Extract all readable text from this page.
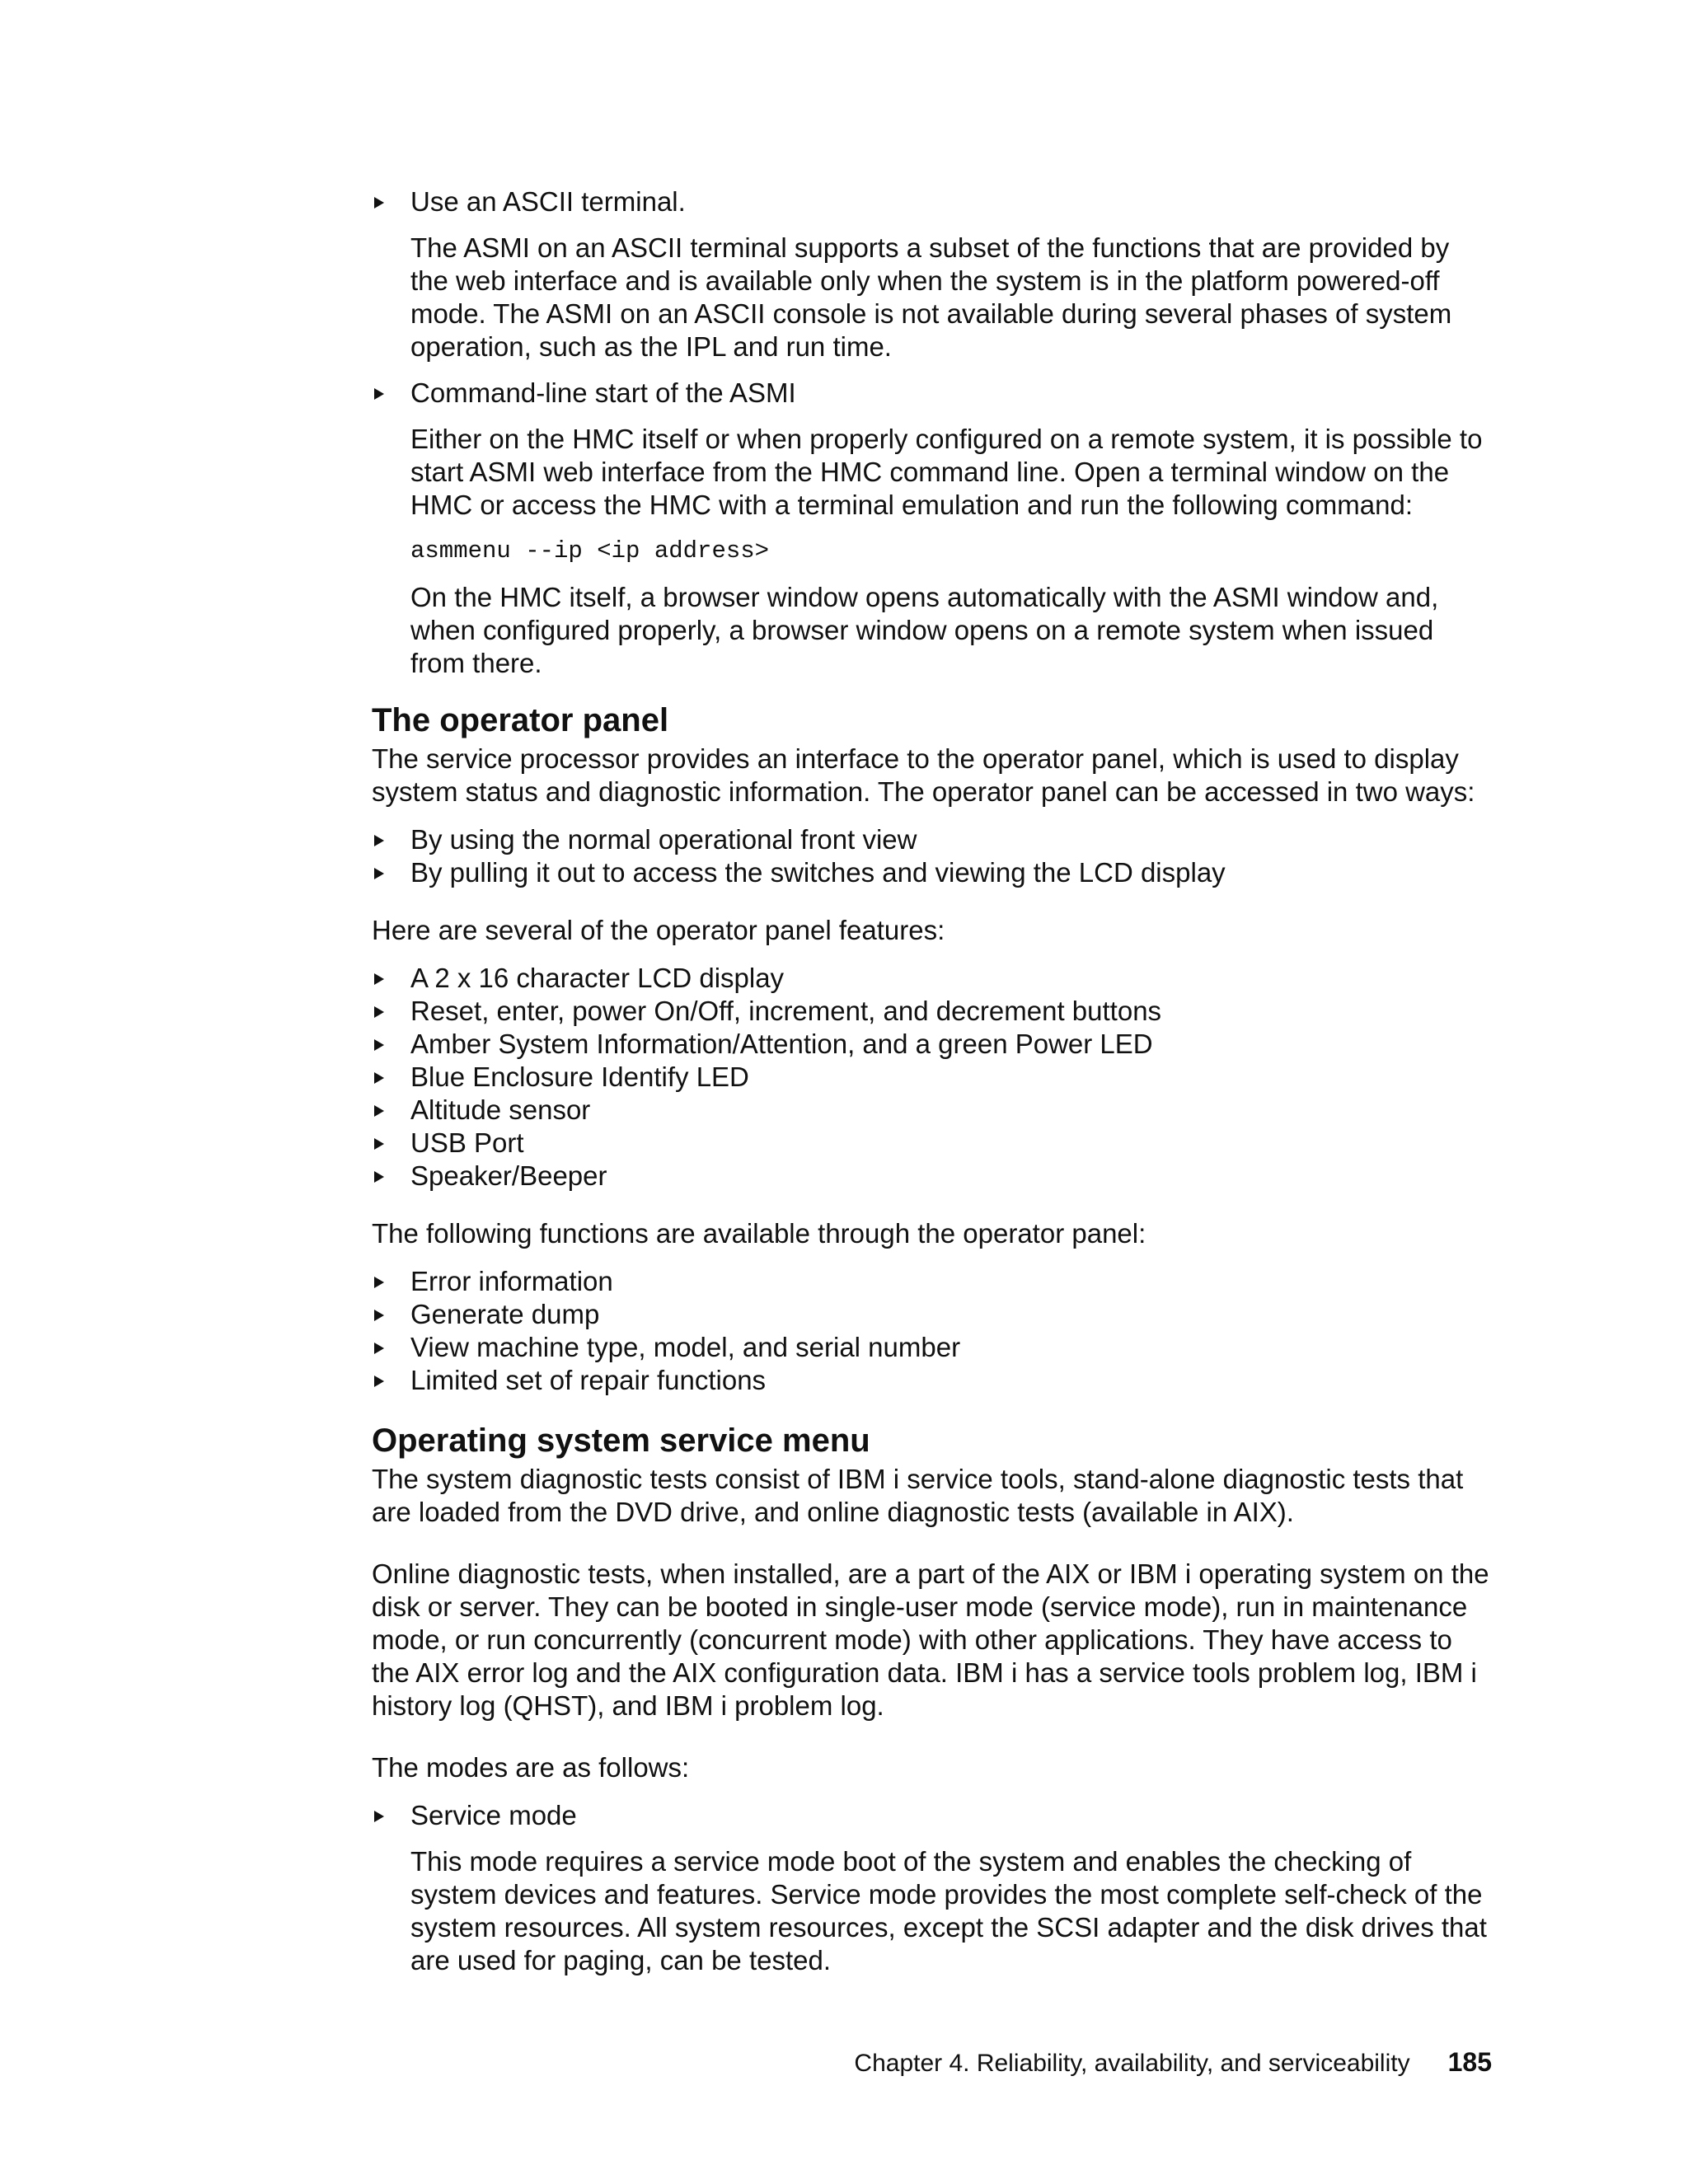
Use an ASCII terminal.

The ASMI on an ASCII terminal supports a subset of the functions that are provided by the web interface and is available only when the system is in the platform powered-off mode. The ASMI on an ASCII console is not available during several phases of system operation, such as the IPL and run time.

Command-line start of the ASMI

Either on the HMC itself or when properly configured on a remote system, it is possible to start ASMI web interface from the HMC command line. Open a terminal window on the HMC or access the HMC with a terminal emulation and run the following command:

asmmenu --ip <ip address>

On the HMC itself, a browser window opens automatically with the ASMI window and, when configured properly, a browser window opens on a remote system when issued from there.

The operator panel

The service processor provides an interface to the operator panel, which is used to display system status and diagnostic information. The operator panel can be accessed in two ways:

By using the normal operational front view
By pulling it out to access the switches and viewing the LCD display

Here are several of the operator panel features:

A 2 x 16 character LCD display
Reset, enter, power On/Off, increment, and decrement buttons
Amber System Information/Attention, and a green Power LED
Blue Enclosure Identify LED
Altitude sensor
USB Port
Speaker/Beeper

The following functions are available through the operator panel:

Error information
Generate dump
View machine type, model, and serial number
Limited set of repair functions
Operating system service menu

The system diagnostic tests consist of IBM i service tools, stand-alone diagnostic tests that are loaded from the DVD drive, and online diagnostic tests (available in AIX).

Online diagnostic tests, when installed, are a part of the AIX or IBM i operating system on the disk or server. They can be booted in single-user mode (service mode), run in maintenance mode, or run concurrently (concurrent mode) with other applications. They have access to the AIX error log and the AIX configuration data. IBM i has a service tools problem log, IBM i history log (QHST), and IBM i problem log.

The modes are as follows:

Service mode

This mode requires a service mode boot of the system and enables the checking of system devices and features. Service mode provides the most complete self-check of the system resources. All system resources, except the SCSI adapter and the disk drives that are used for paging, can be tested.

Chapter 4. Reliability, availability, and serviceability 185
